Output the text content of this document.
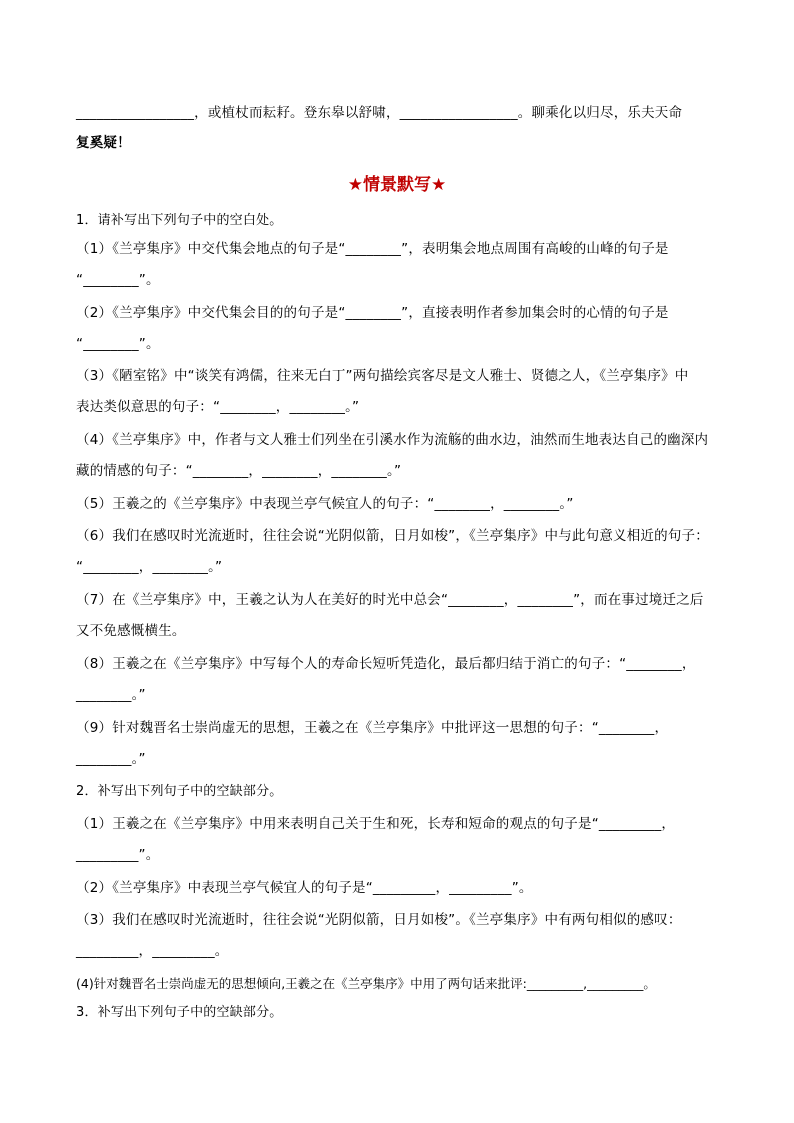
_________________，或植杖而耘耔。登东皋以舒啸，_________________。聊乘化以归尽，乐夫天命
复奚疑！
★情景默写★
1．请补写出下列句子中的空白处。
（1）《兰亭集序》中交代集会地点的句子是“________”，表明集会地点周围有高峻的山峰的句子是
“________”。
（2）《兰亭集序》中交代集会目的的句子是“________”，直接表明作者参加集会时的心情的句子是
“________”。
（3）《陋室铭》中“谈笑有鸿儒，往来无白丁”两句描绘宾客尽是文人雅士、贤德之人，《兰亭集序》中
表达类似意思的句子：“________，________。”
（4）《兰亭集序》中，作者与文人雅士们列坐在引溪水作为流觞的曲水边，油然而生地表达自己的幽深内
藏的情感的句子：“________，________，________。”
（5）王羲之的《兰亭集序》中表现兰亭气候宜人的句子：“________，________。”
（6）我们在感叹时光流逝时，往往会说“光阴似箭，日月如梭”，《兰亭集序》中与此句意义相近的句子：
“________，________。”
（7）在《兰亭集序》中，王羲之认为人在美好的时光中总会“________，________”，而在事过境迁之后
又不免感慨横生。
（8）王羲之在《兰亭集序》中写每个人的寿命长短听凭造化，最后都归结于消亡的句子：“________，
________。”
（9）针对魏晋名士崇尚虚无的思想，王羲之在《兰亭集序》中批评这一思想的句子：“________，
________。”
2．补写出下列句子中的空缺部分。
（1）王羲之在《兰亭集序》中用来表明自己关于生和死，长寿和短命的观点的句子是“_________，
_________”。
（2）《兰亭集序》中表现兰亭气候宜人的句子是“_________，_________”。
（3）我们在感叹时光流逝时，往往会说“光阴似箭，日月如梭”。《兰亭集序》中有两句相似的感叹：
_________，_________。
(4)针对魏晋名士崇尚虚无的思想倾向,王羲之在《兰亭集序》中用了两句话来批评:_________,_________。
3．补写出下列句子中的空缺部分。
